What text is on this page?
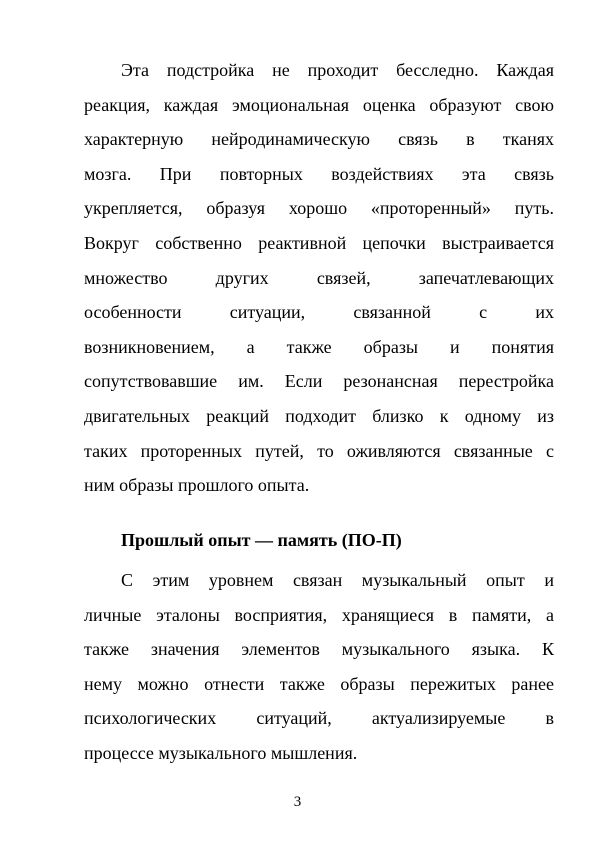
Эта подстройка не проходит бесследно. Каждая
реакция, каждая эмоциональная оценка образуют свою
характерную нейродинамическую связь в тканях
мозга. При повторных воздействиях эта связь
укрепляется, образуя хорошо «протоpенный» путь.
Вокруг собственно реактивной цепочки выстраивается
множество других связей, запечатлевающих
особенности ситуации, связанной с их
возникновением, а также образы и понятия
сопутствовавшие им. Если резонансная перестройка
двигательных реакций подходит близко к одному из
таких протоpенных путей, то оживляются связанные с
ним образы прошлого опыта.
Прошлый опыт — память (ПО-П)
С этим уровнем связан музыкальный опыт и
личные эталоны восприятия, хранящиеся в памяти, а
также значения элементов музыкального языка. К
нему можно отнести также образы пережитых ранее
психологических ситуаций, актуализируемые в
процессе музыкального мышления.
3
